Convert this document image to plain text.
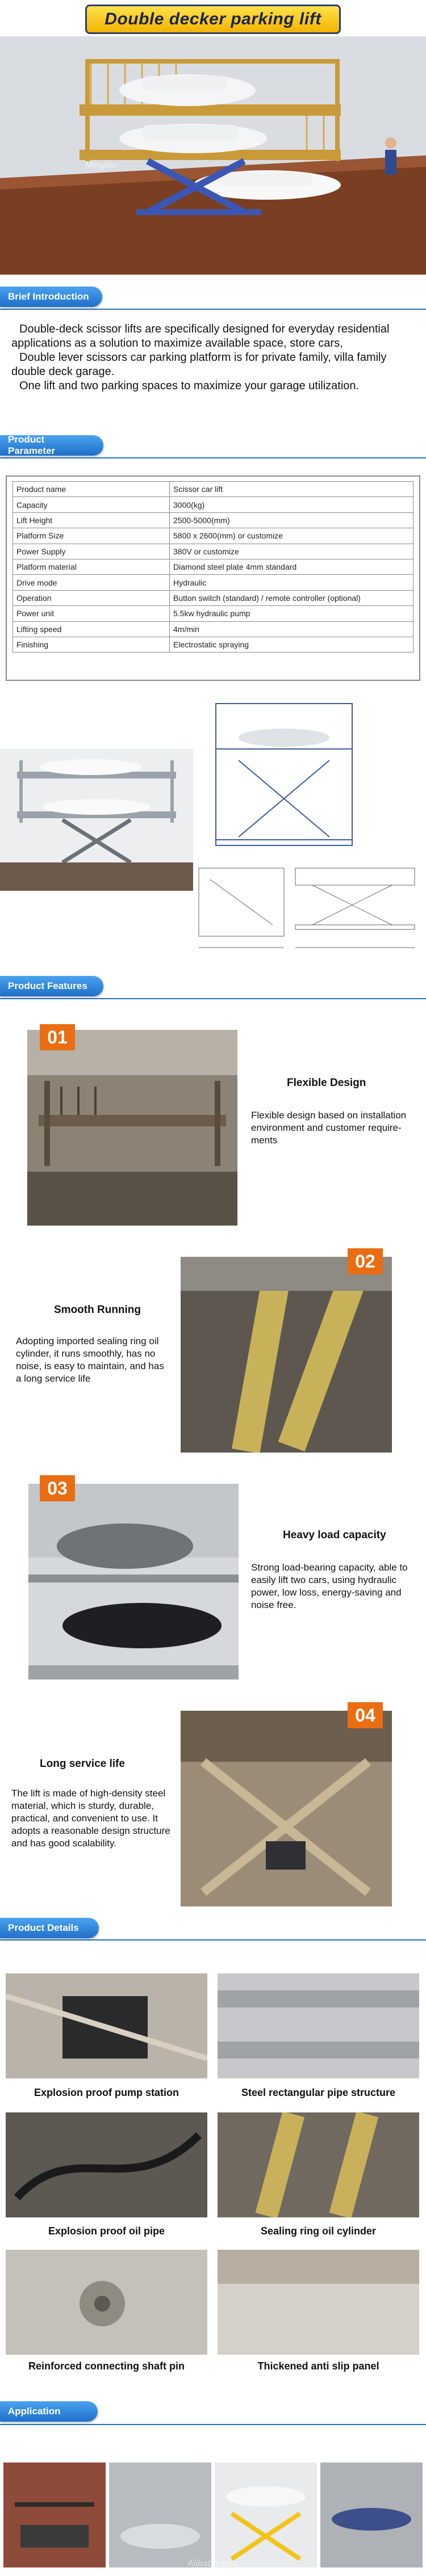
Double decker parking lift
Mingtec
Brief Introduction

Double-deck scissor lifts are specifically designed for everyday residential applications as a solution to maximize available space, store cars,

Double lever scissors car parking platform is for private family, villa family double deck garage.

One lift and two parking spaces to maximize your garage utilization.

Product Parameter
Product name	Scissor car lift
Capacity	3000(kg)
Lift Height	2500-5000(mm)
Platform Size	5800 x 2600(mm) or customize
Power Supply	380V or customize
Platform material	Diamond steel plate 4mm standard
Drive mode	Hydraulic
Operation	Button switch (standard) / remote controller (optional)
Power unit	5.5kw hydraulic pump
Lifting speed	4m/min
Finishing	Electrostatic spraying
Product Features
01
Flexible Design
Flexible design based on installation environment and customer require-ments
02
Smooth Running
Adopting imported sealing ring oil cylinder, it runs smoothly, has no noise, is easy to maintain, and has a long service life
03
Heavy load capacity
Strong load-bearing capacity, able to easily lift two cars, using hydraulic power, low loss, energy-saving and noise free.
04
Long service life
The lift is made of high-density steel material, which is sturdy, durable, practical, and convenient to use. It adopts a reasonable design structure and has good scalability.
Product Details
Explosion proof pump station	Steel rectangular pipe structure
Explosion proof oil pipe	Sealing ring oil cylinder
Reinforced connecting shaft pin	Thickened anti slip panel
Application
Alibaba.com
